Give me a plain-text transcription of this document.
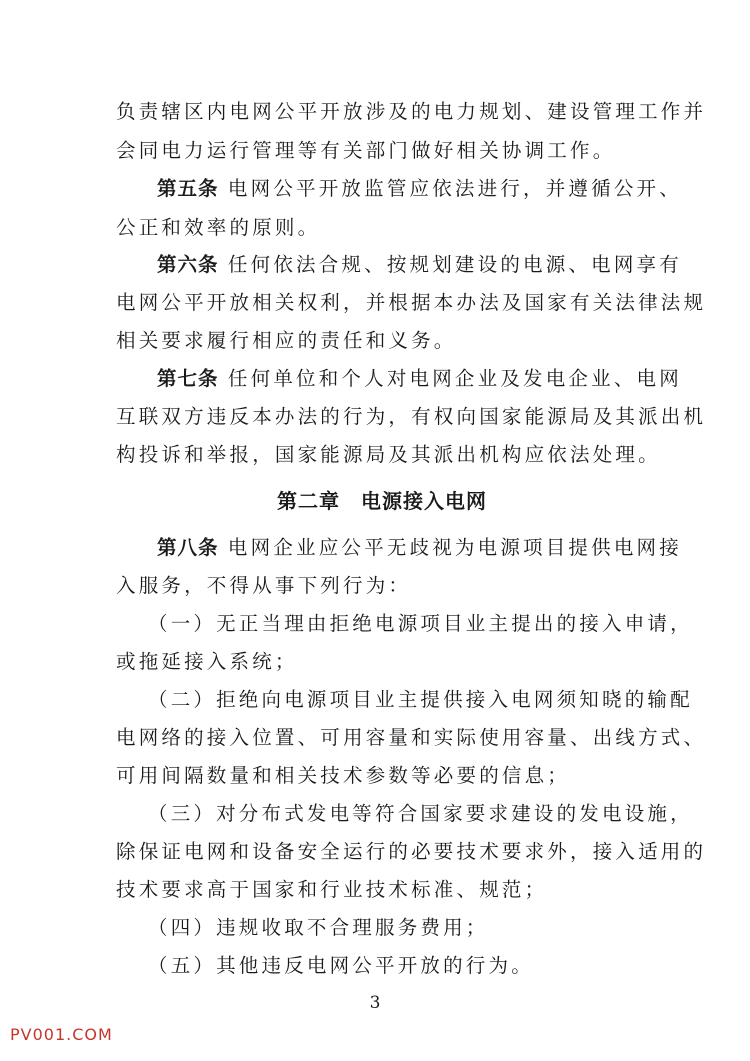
负责辖区内电网公平开放涉及的电力规划、建设管理工作并
会同电力运行管理等有关部门做好相关协调工作。
第五条 电网公平开放监管应依法进行，并遵循公开、
公正和效率的原则。
第六条 任何依法合规、按规划建设的电源、电网享有
电网公平开放相关权利，并根据本办法及国家有关法律法规
相关要求履行相应的责任和义务。
第七条 任何单位和个人对电网企业及发电企业、电网
互联双方违反本办法的行为，有权向国家能源局及其派出机
构投诉和举报，国家能源局及其派出机构应依法处理。
第二章　电源接入电网
第八条 电网企业应公平无歧视为电源项目提供电网接
入服务，不得从事下列行为：
（一）无正当理由拒绝电源项目业主提出的接入申请，
或拖延接入系统；
（二）拒绝向电源项目业主提供接入电网须知晓的输配
电网络的接入位置、可用容量和实际使用容量、出线方式、
可用间隔数量和相关技术参数等必要的信息；
（三）对分布式发电等符合国家要求建设的发电设施，
除保证电网和设备安全运行的必要技术要求外，接入适用的
技术要求高于国家和行业技术标准、规范；
（四）违规收取不合理服务费用；
（五）其他违反电网公平开放的行为。
3
PV001.COM
